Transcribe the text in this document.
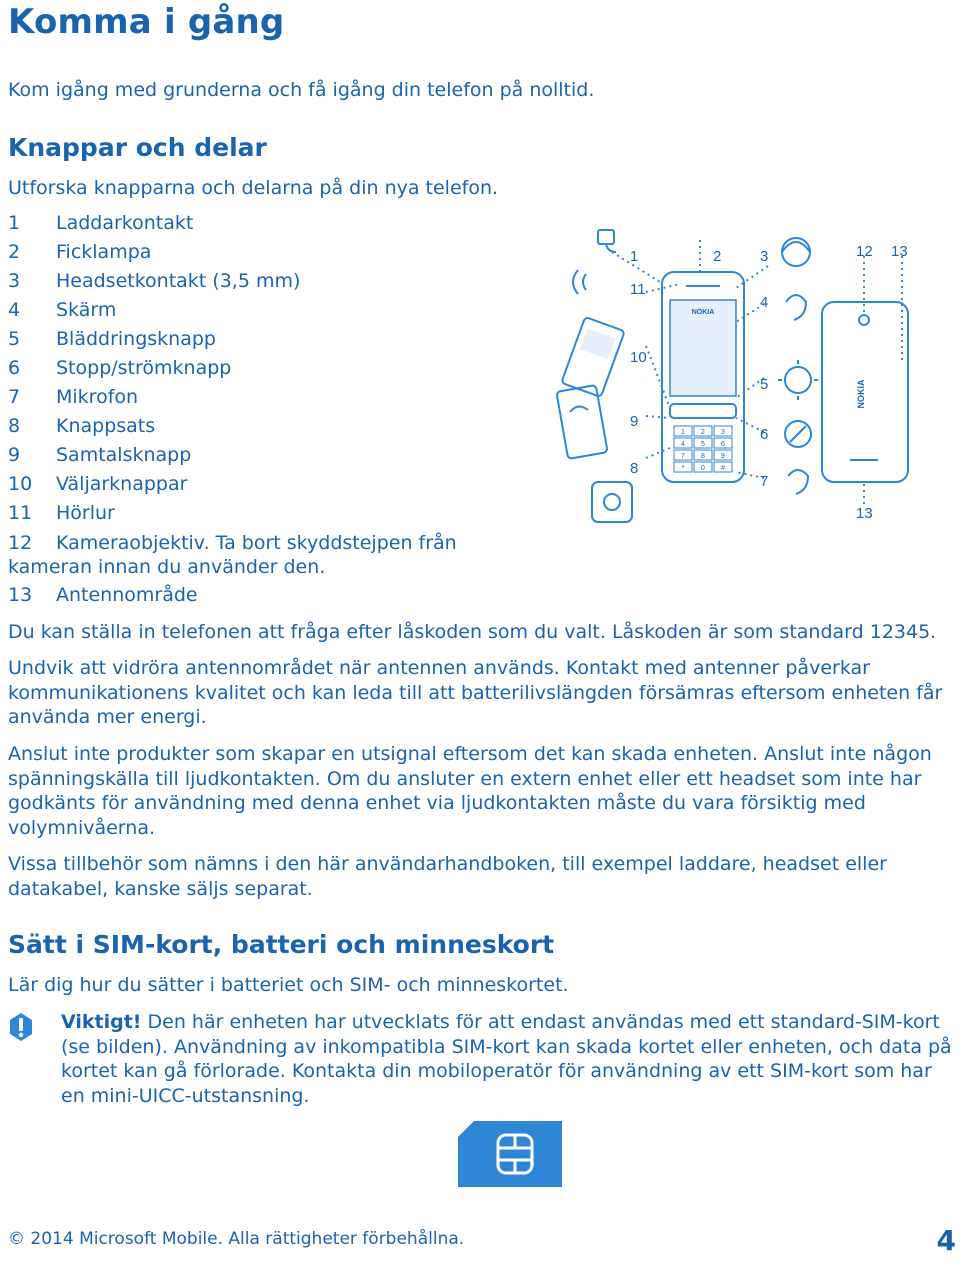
Komma i gång

Kom igång med grunderna och få igång din telefon på nolltid.

Knappar och delar

Utforska knapparna och delarna på din nya telefon.

1 Laddarkontakt
2 Ficklampa
3 Headsetkontakt (3,5 mm)
4 Skärm
5 Bläddringsknapp
6 Stopp/strömknapp
7 Mikrofon
8 Knappsats
9 Samtalsknapp
10 Väljarknappar
11 Hörlur
12 Kameraobjektiv. Ta bort skyddstejpen från kameran innan du använder den.
13 Antennområde
NOKIA
1 2 3
4 5 6
7 8 9
* 0 #
NOKIA
1	2	3
4
5
6
7
8
9
10
11
12 13
13

Du kan ställa in telefonen att fråga efter låskoden som du valt. Låskoden är som standard 12345.

Undvik att vidröra antennområdet när antennen används. Kontakt med antenner påverkar kommunikationens kvalitet och kan leda till att batterilivslängden försämras eftersom enheten får använda mer energi.

Anslut inte produkter som skapar en utsignal eftersom det kan skada enheten. Anslut inte någon spänningskälla till ljudkontakten. Om du ansluter en extern enhet eller ett headset som inte har godkänts för användning med denna enhet via ljudkontakten måste du vara försiktig med volymnivåerna.

Vissa tillbehör som nämns i den här användarhandboken, till exempel laddare, headset eller datakabel, kanske säljs separat.

Sätt i SIM-kort, batteri och minneskort

Lär dig hur du sätter i batteriet och SIM- och minneskortet.

Viktigt! Den här enheten har utvecklats för att endast användas med ett standard-SIM-kort (se bilden). Användning av inkompatibla SIM-kort kan skada kortet eller enheten, och data på kortet kan gå förlorade. Kontakta din mobiloperatör för användning av ett SIM-kort som har en mini-UICC-utstansning.

© 2014 Microsoft Mobile. Alla rättigheter förbehållna.	4
